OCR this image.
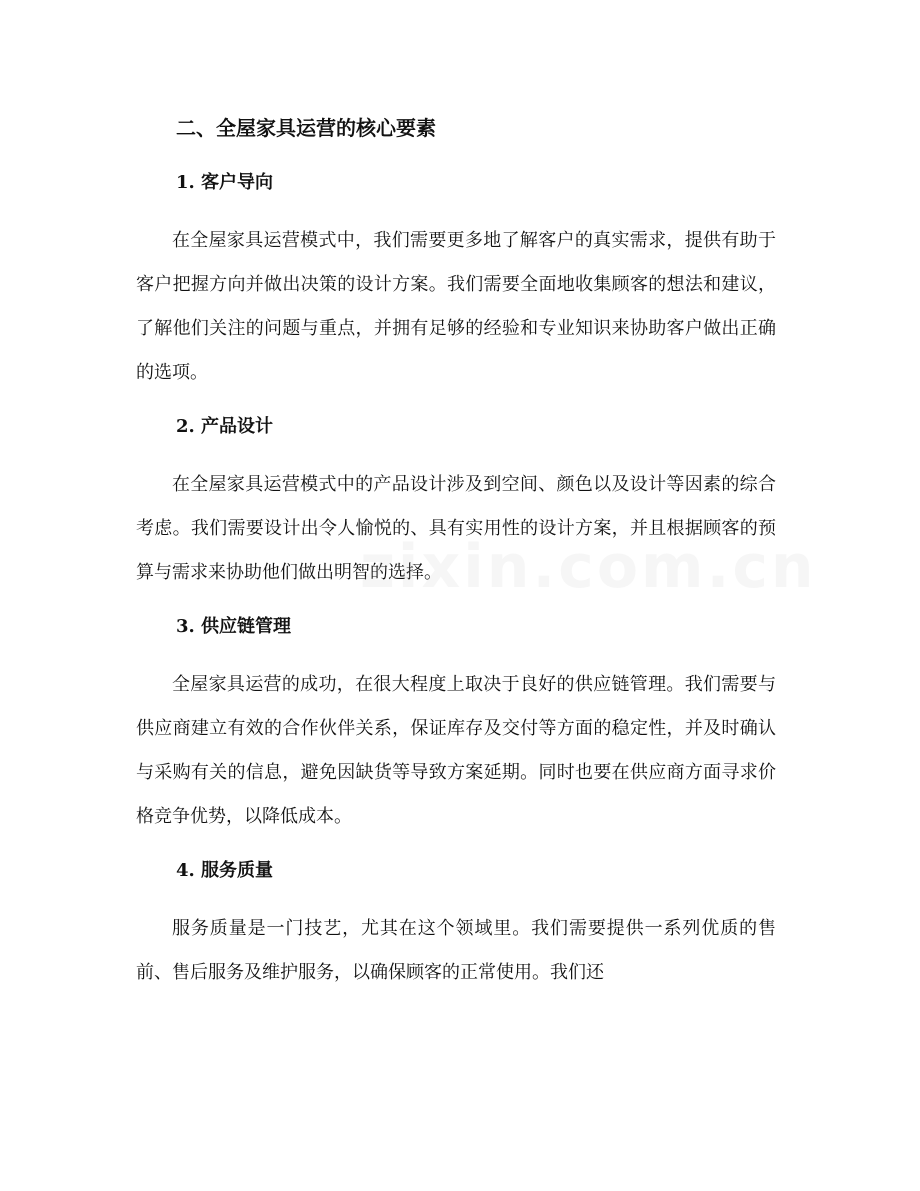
二、全屋家具运营的核心要素
1. 客户导向
在全屋家具运营模式中，我们需要更多地了解客户的真实需求，提供有助于客户把握方向并做出决策的设计方案。我们需要全面地收集顾客的想法和建议，了解他们关注的问题与重点，并拥有足够的经验和专业知识来协助客户做出正确的选项。
2. 产品设计
在全屋家具运营模式中的产品设计涉及到空间、颜色以及设计等因素的综合考虑。我们需要设计出令人愉悦的、具有实用性的设计方案，并且根据顾客的预算与需求来协助他们做出明智的选择。
3. 供应链管理
全屋家具运营的成功，在很大程度上取决于良好的供应链管理。我们需要与供应商建立有效的合作伙伴关系，保证库存及交付等方面的稳定性，并及时确认与采购有关的信息，避免因缺货等导致方案延期。同时也要在供应商方面寻求价格竞争优势，以降低成本。
4. 服务质量
服务质量是一门技艺，尤其在这个领域里。我们需要提供一系列优质的售前、售后服务及维护服务，以确保顾客的正常使用。我们还
zixin.com.cn
